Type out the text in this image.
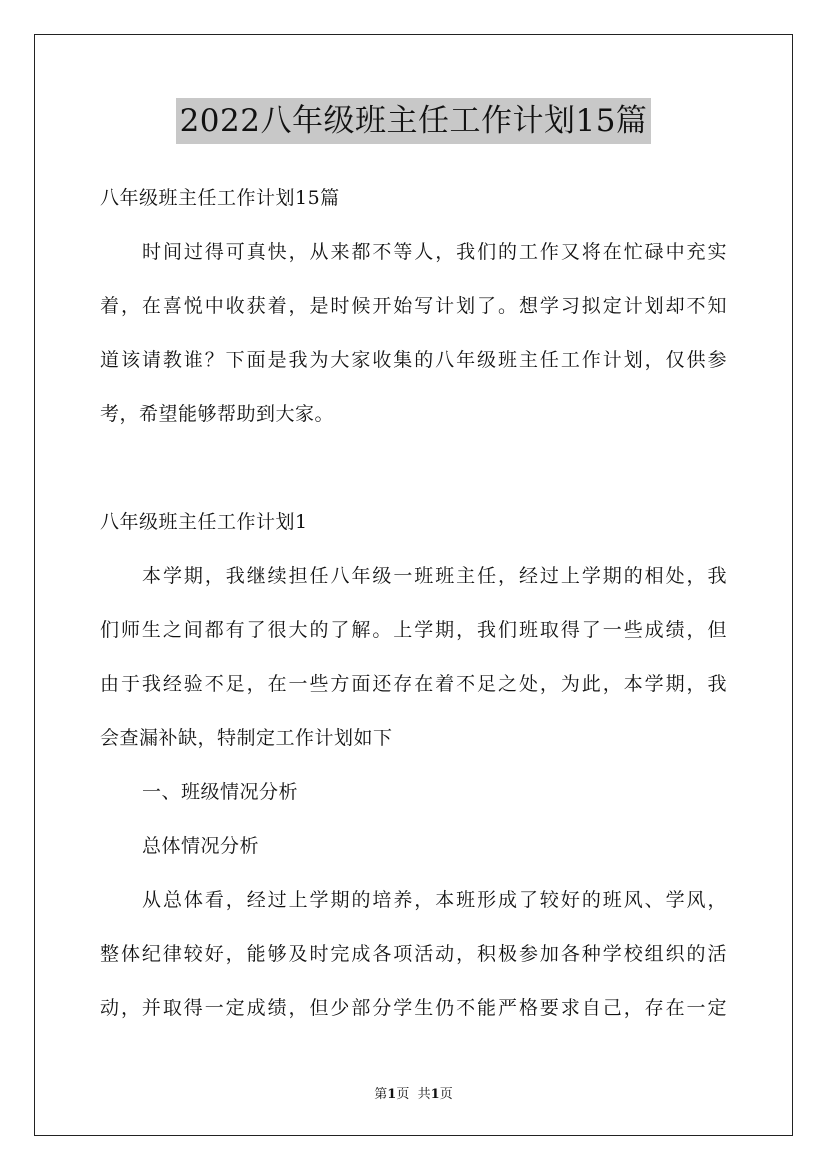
2022八年级班主任工作计划15篇
八年级班主任工作计划15篇
时间过得可真快，从来都不等人，我们的工作又将在忙碌中充实
着，在喜悦中收获着，是时候开始写计划了。想学习拟定计划却不知
道该请教谁？下面是我为大家收集的八年级班主任工作计划，仅供参
考，希望能够帮助到大家。
八年级班主任工作计划1
本学期，我继续担任八年级一班班主任，经过上学期的相处，我
们师生之间都有了很大的了解。上学期，我们班取得了一些成绩，但
由于我经验不足，在一些方面还存在着不足之处，为此，本学期，我
会查漏补缺，特制定工作计划如下
一、班级情况分析
总体情况分析
从总体看，经过上学期的培养，本班形成了较好的班风、学风，
整体纪律较好，能够及时完成各项活动，积极参加各种学校组织的活
动，并取得一定成绩，但少部分学生仍不能严格要求自己，存在一定
第1页 共1页
